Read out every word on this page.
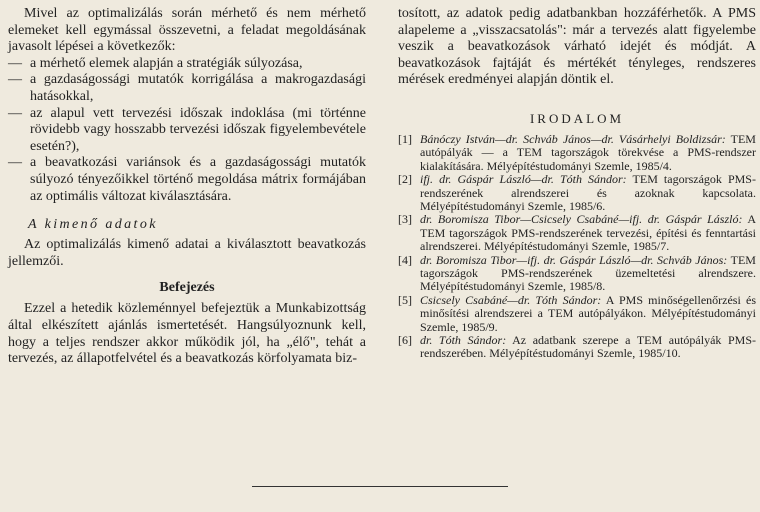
Mivel az optimalizálás során mérhető és nem mérhető elemeket kell egymással összevetni, a feladat megoldásának javasolt lépései a következők:

— a mérhető elemek alapján a stratégiák súlyozása,
— a gazdaságossági mutatók korrigálása a makrogazdasági hatásokkal,
— az alapul vett tervezési időszak indoklása (mi történne rövidebb vagy hosszabb tervezési időszak figyelembevétele esetén?),
— a beavatkozási variánsok és a gazdaságossági mutatók súlyozó tényezőikkel történő megoldása mátrix formájában az optimális változat kiválasztására.
A kimenő adatok

Az optimalizálás kimenő adatai a kiválasztott beavatkozás jellemzői.

Befejezés

Ezzel a hetedik közleménnyel befejeztük a Munkabizottság által elkészített ajánlás ismertetését. Hangsúlyoznunk kell, hogy a teljes rendszer akkor működik jól, ha „élő", tehát a tervezés, az állapotfelvétel és a beavatkozás körfolyamata biz-

tosított, az adatok pedig adatbankban hozzáférhetők. A PMS alapeleme a „visszacsatolás": már a tervezés alatt figyelembe veszik a beavatkozások várható idejét és módját. A beavatkozások fajtáját és mértékét tényleges, rendszeres mérések eredményei alapján döntik el.

IRODALOM
[1] Bánóczy István—dr. Schváb János—dr. Vásárhelyi Boldizsár: TEM autópályák — a TEM tagországok törekvése a PMS-rendszer kialakítására. Mélyépítéstudományi Szemle, 1985/4.
[2] ifj. dr. Gáspár László—dr. Tóth Sándor: TEM tagországok PMS-rendszerének alrendszerei és azoknak kapcsolata. Mélyépítéstudományi Szemle, 1985/6.
[3] dr. Boromisza Tibor—Csicsely Csabáné—ifj. dr. Gáspár László: A TEM tagországok PMS-rendszerének tervezési, építési és fenntartási alrendszerei. Mélyépítéstudományi Szemle, 1985/7.
[4] dr. Boromisza Tibor—ifj. dr. Gáspár László—dr. Schváb János: TEM tagországok PMS-rendszerének üzemeltetési alrendszere. Mélyépítéstudományi Szemle, 1985/8.
[5] Csicsely Csabáné—dr. Tóth Sándor: A PMS minőségellenőrzési és minősítési alrendszerei a TEM autópályákon. Mélyépítéstudományi Szemle, 1985/9.
[6] dr. Tóth Sándor: Az adatbank szerepe a TEM autópályák PMS-rendszerében. Mélyépítéstudományi Szemle, 1985/10.
